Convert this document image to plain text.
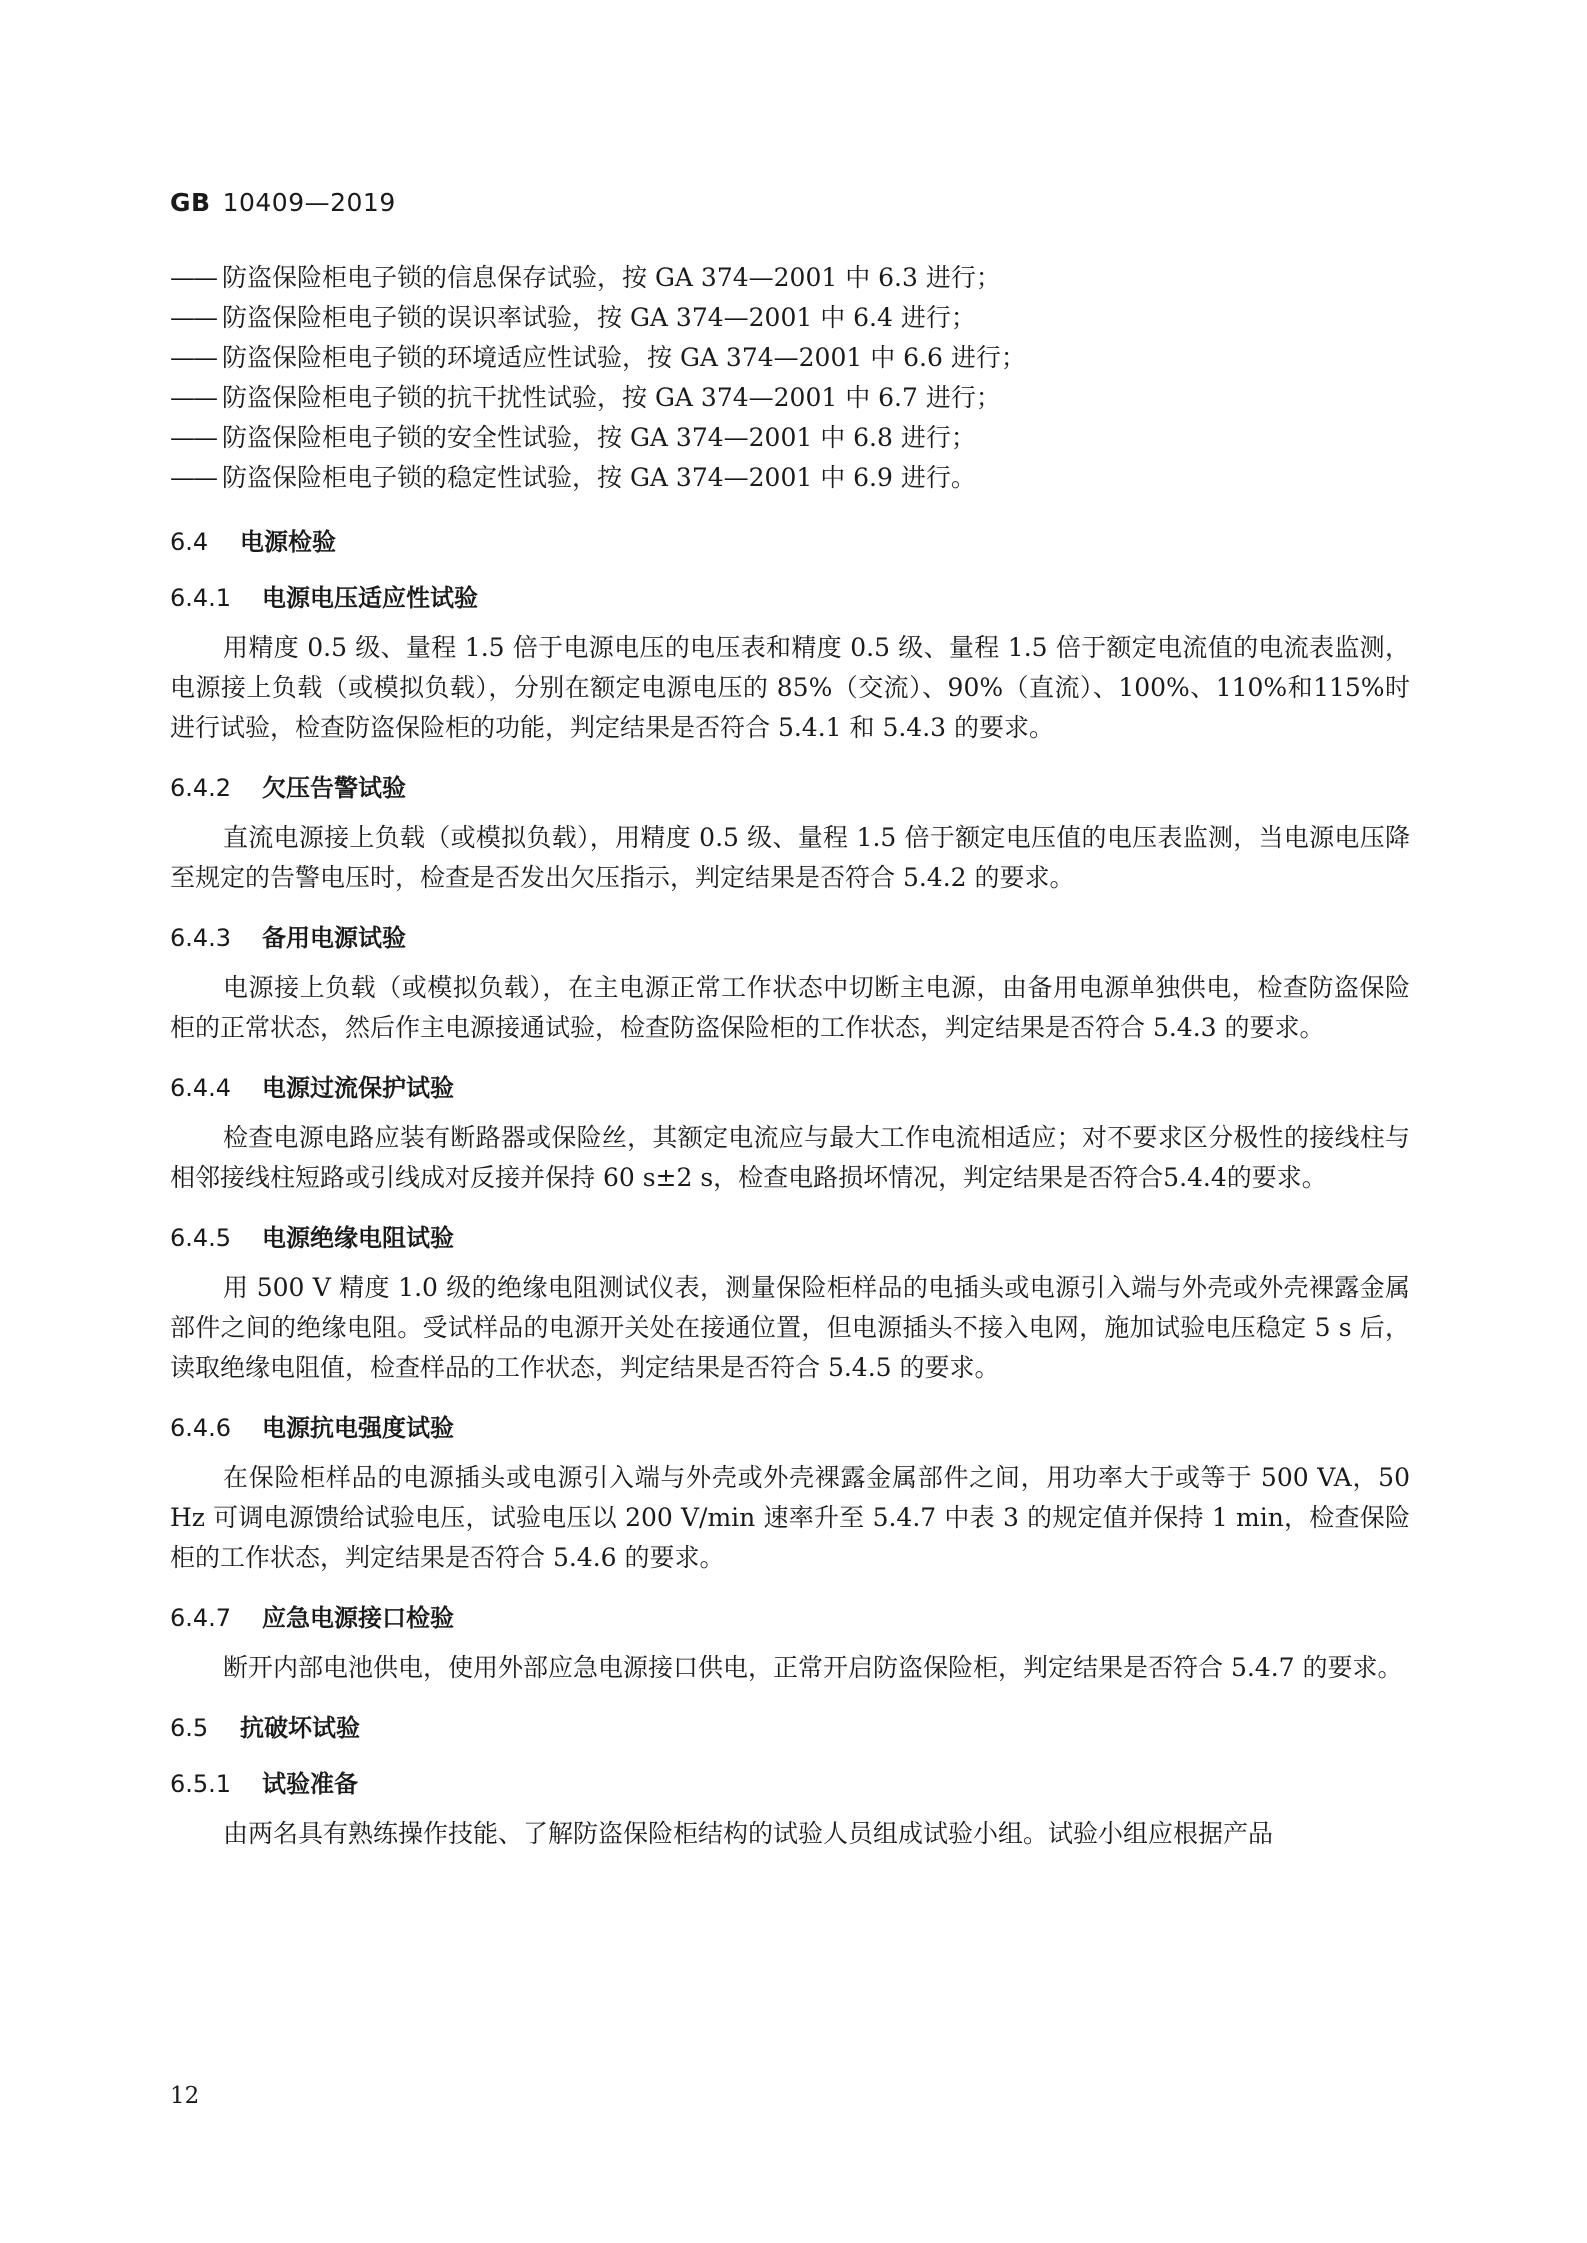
GB 10409—2019
—— 防盗保险柜电子锁的信息保存试验，按 GA 374—2001 中 6.3 进行；
—— 防盗保险柜电子锁的误识率试验，按 GA 374—2001 中 6.4 进行；
—— 防盗保险柜电子锁的环境适应性试验，按 GA 374—2001 中 6.6 进行；
—— 防盗保险柜电子锁的抗干扰性试验，按 GA 374—2001 中 6.7 进行；
—— 防盗保险柜电子锁的安全性试验，按 GA 374—2001 中 6.8 进行；
—— 防盗保险柜电子锁的稳定性试验，按 GA 374—2001 中 6.9 进行。
6.4 电源检验
6.4.1 电源电压适应性试验

用精度 0.5 级、量程 1.5 倍于电源电压的电压表和精度 0.5 级、量程 1.5 倍于额定电流值的电流表监测，电源接上负载（或模拟负载），分别在额定电源电压的 85%（交流）、90%（直流）、100%、110%和115%时进行试验，检查防盗保险柜的功能，判定结果是否符合 5.4.1 和 5.4.3 的要求。

6.4.2 欠压告警试验

直流电源接上负载（或模拟负载），用精度 0.5 级、量程 1.5 倍于额定电压值的电压表监测，当电源电压降至规定的告警电压时，检查是否发出欠压指示，判定结果是否符合 5.4.2 的要求。

6.4.3 备用电源试验

电源接上负载（或模拟负载），在主电源正常工作状态中切断主电源，由备用电源单独供电，检查防盗保险柜的正常状态，然后作主电源接通试验，检查防盗保险柜的工作状态，判定结果是否符合 5.4.3 的要求。

6.4.4 电源过流保护试验

检查电源电路应装有断路器或保险丝，其额定电流应与最大工作电流相适应；对不要求区分极性的接线柱与相邻接线柱短路或引线成对反接并保持 60 s±2 s，检查电路损坏情况，判定结果是否符合5.4.4的要求。

6.4.5 电源绝缘电阻试验

用 500 V 精度 1.0 级的绝缘电阻测试仪表，测量保险柜样品的电插头或电源引入端与外壳或外壳裸露金属部件之间的绝缘电阻。受试样品的电源开关处在接通位置，但电源插头不接入电网，施加试验电压稳定 5 s 后，读取绝缘电阻值，检查样品的工作状态，判定结果是否符合 5.4.5 的要求。

6.4.6 电源抗电强度试验

在保险柜样品的电源插头或电源引入端与外壳或外壳裸露金属部件之间，用功率大于或等于 500 VA，50 Hz 可调电源馈给试验电压，试验电压以 200 V/min 速率升至 5.4.7 中表 3 的规定值并保持 1 min，检查保险柜的工作状态，判定结果是否符合 5.4.6 的要求。

6.4.7 应急电源接口检验

断开内部电池供电，使用外部应急电源接口供电，正常开启防盗保险柜，判定结果是否符合 5.4.7 的要求。

6.5 抗破坏试验
6.5.1 试验准备

由两名具有熟练操作技能、了解防盗保险柜结构的试验人员组成试验小组。试验小组应根据产品

12
